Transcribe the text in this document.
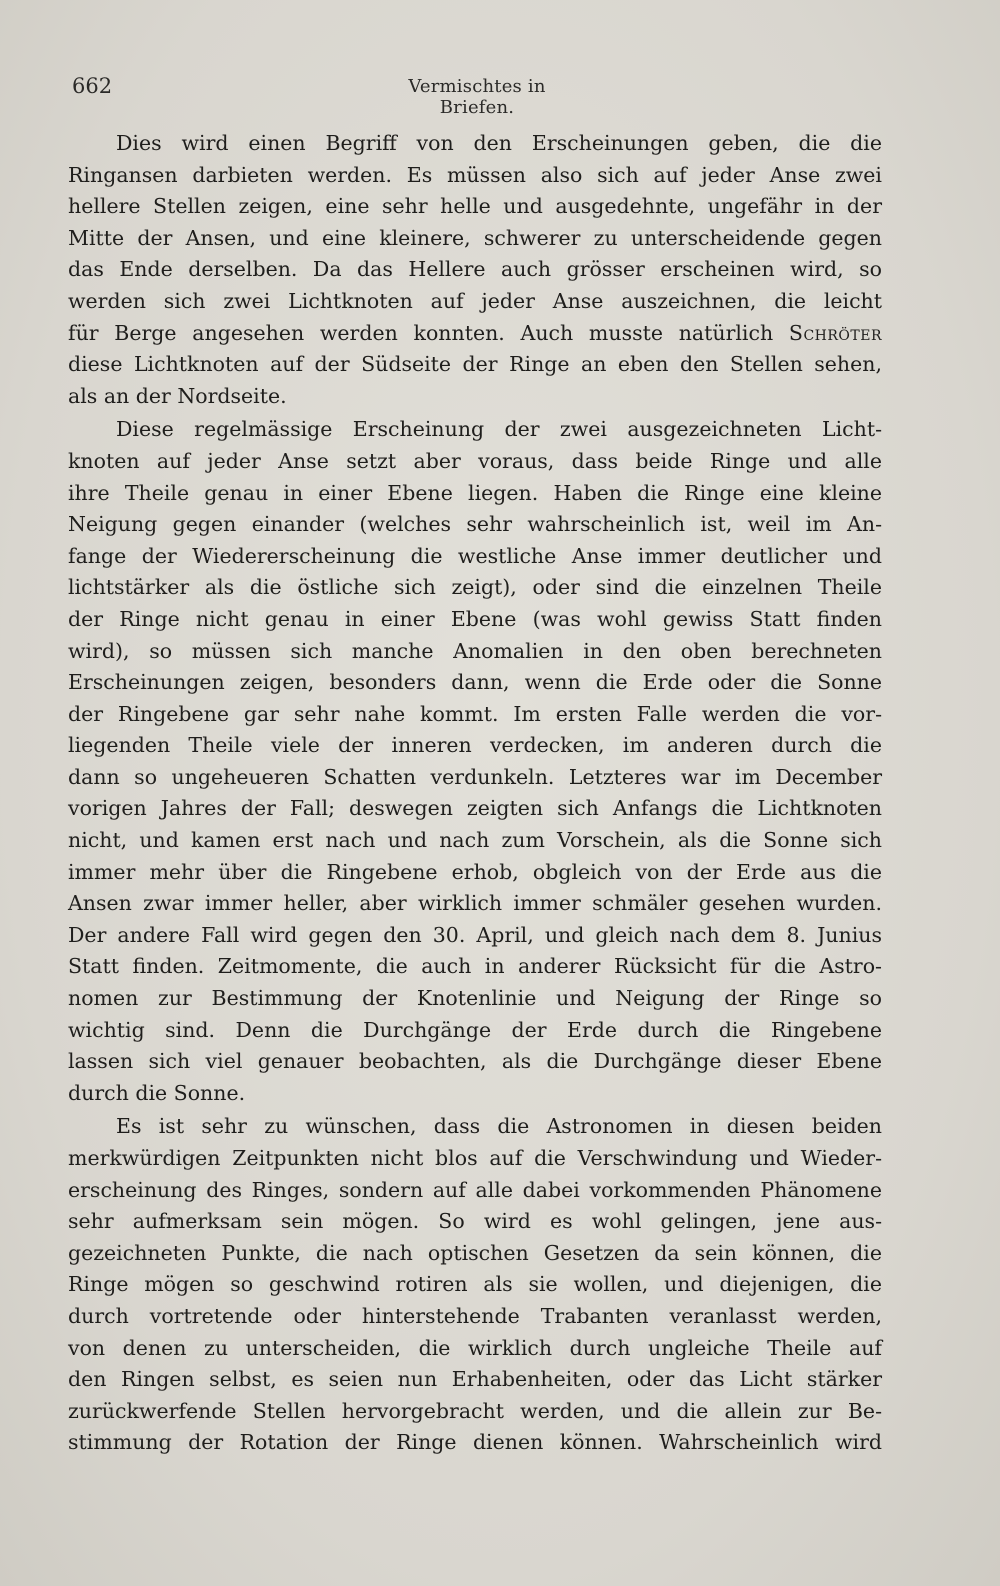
662	Vermischtes in Briefen.
Dies wird einen Begriff von den Erscheinungen geben, die die
Ringansen darbieten werden. Es müssen also sich auf jeder Anse zwei
hellere Stellen zeigen, eine sehr helle und ausgedehnte, ungefähr in der
Mitte der Ansen, und eine kleinere, schwerer zu unterscheidende gegen
das Ende derselben. Da das Hellere auch grösser erscheinen wird, so
werden sich zwei Lichtknoten auf jeder Anse auszeichnen, die leicht
für Berge angesehen werden konnten. Auch musste natürlich Schröter
diese Lichtknoten auf der Südseite der Ringe an eben den Stellen sehen,
als an der Nordseite.
Diese regelmässige Erscheinung der zwei ausgezeichneten Licht-
knoten auf jeder Anse setzt aber voraus, dass beide Ringe und alle
ihre Theile genau in einer Ebene liegen. Haben die Ringe eine kleine
Neigung gegen einander (welches sehr wahrscheinlich ist, weil im An-
fange der Wiedererscheinung die westliche Anse immer deutlicher und
lichtstärker als die östliche sich zeigt), oder sind die einzelnen Theile
der Ringe nicht genau in einer Ebene (was wohl gewiss Statt finden
wird), so müssen sich manche Anomalien in den oben berechneten
Erscheinungen zeigen, besonders dann, wenn die Erde oder die Sonne
der Ringebene gar sehr nahe kommt. Im ersten Falle werden die vor-
liegenden Theile viele der inneren verdecken, im anderen durch die
dann so ungeheueren Schatten verdunkeln. Letzteres war im December
vorigen Jahres der Fall; deswegen zeigten sich Anfangs die Lichtknoten
nicht, und kamen erst nach und nach zum Vorschein, als die Sonne sich
immer mehr über die Ringebene erhob, obgleich von der Erde aus die
Ansen zwar immer heller, aber wirklich immer schmäler gesehen wurden.
Der andere Fall wird gegen den 30. April, und gleich nach dem 8. Junius
Statt finden. Zeitmomente, die auch in anderer Rücksicht für die Astro-
nomen zur Bestimmung der Knotenlinie und Neigung der Ringe so
wichtig sind. Denn die Durchgänge der Erde durch die Ringebene
lassen sich viel genauer beobachten, als die Durchgänge dieser Ebene
durch die Sonne.
Es ist sehr zu wünschen, dass die Astronomen in diesen beiden
merkwürdigen Zeitpunkten nicht blos auf die Verschwindung und Wieder-
erscheinung des Ringes, sondern auf alle dabei vorkommenden Phänomene
sehr aufmerksam sein mögen. So wird es wohl gelingen, jene aus-
gezeichneten Punkte, die nach optischen Gesetzen da sein können, die
Ringe mögen so geschwind rotiren als sie wollen, und diejenigen, die
durch vortretende oder hinterstehende Trabanten veranlasst werden,
von denen zu unterscheiden, die wirklich durch ungleiche Theile auf
den Ringen selbst, es seien nun Erhabenheiten, oder das Licht stärker
zurückwerfende Stellen hervorgebracht werden, und die allein zur Be-
stimmung der Rotation der Ringe dienen können. Wahrscheinlich wird
